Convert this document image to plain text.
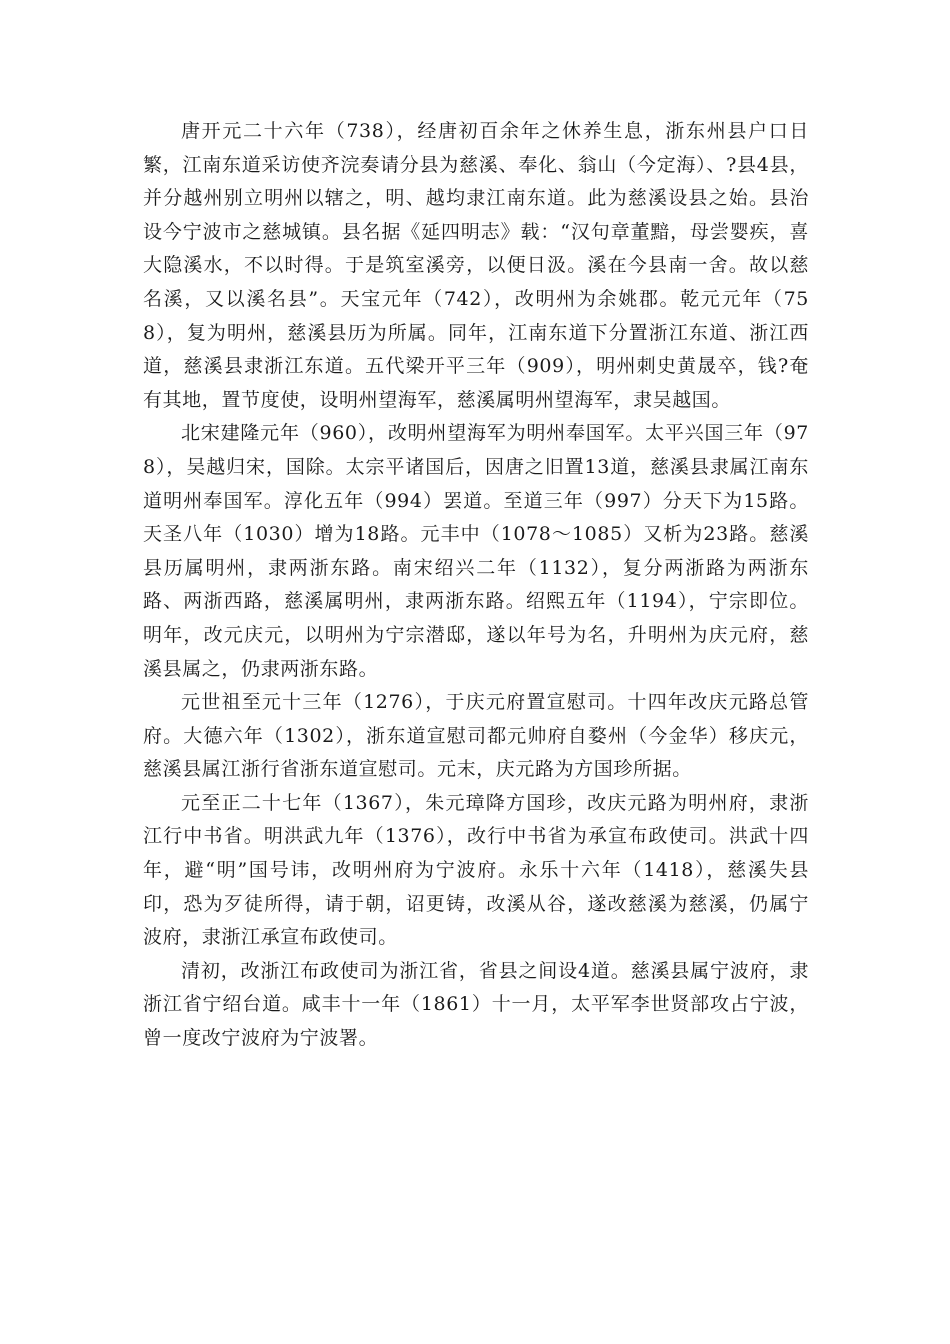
唐开元二十六年（738），经唐初百余年之休养生息，浙东州县户口日繁，江南东道采访使齐浣奏请分县为慈溪、奉化、翁山（今定海）、?县4县，并分越州别立明州以辖之，明、越均隶江南东道。此为慈溪设县之始。县治设今宁波市之慈城镇。县名据《延四明志》载：“汉句章董黯，母尝婴疾，喜大隐溪水，不以时得。于是筑室溪旁，以便日汲。溪在今县南一舍。故以慈名溪，又以溪名县”。天宝元年（742），改明州为余姚郡。乾元元年（758），复为明州，慈溪县历为所属。同年，江南东道下分置浙江东道、浙江西道，慈溪县隶浙江东道。五代梁开平三年（909），明州刺史黄晟卒，钱?奄有其地，置节度使，设明州望海军，慈溪属明州望海军，隶吴越国。

北宋建隆元年（960），改明州望海军为明州奉国军。太平兴国三年（978），吴越归宋，国除。太宗平诸国后，因唐之旧置13道，慈溪县隶属江南东道明州奉国军。淳化五年（994）罢道。至道三年（997）分天下为15路。天圣八年（1030）增为18路。元丰中（1078～1085）又析为23路。慈溪县历属明州，隶两浙东路。南宋绍兴二年（1132），复分两浙路为两浙东路、两浙西路，慈溪属明州，隶两浙东路。绍熙五年（1194），宁宗即位。明年，改元庆元，以明州为宁宗潜邸，遂以年号为名，升明州为庆元府，慈溪县属之，仍隶两浙东路。

元世祖至元十三年（1276），于庆元府置宣慰司。十四年改庆元路总管府。大德六年（1302），浙东道宣慰司都元帅府自婺州（今金华）移庆元，慈溪县属江浙行省浙东道宣慰司。元末，庆元路为方国珍所据。

元至正二十七年（1367），朱元璋降方国珍，改庆元路为明州府，隶浙江行中书省。明洪武九年（1376），改行中书省为承宣布政使司。洪武十四年，避“明”国号讳，改明州府为宁波府。永乐十六年（1418），慈溪失县印，恐为歹徒所得，请于朝，诏更铸，改溪从谷，遂改慈溪为慈溪，仍属宁波府，隶浙江承宣布政使司。

清初，改浙江布政使司为浙江省，省县之间设4道。慈溪县属宁波府，隶浙江省宁绍台道。咸丰十一年（1861）十一月，太平军李世贤部攻占宁波，曾一度改宁波府为宁波署。
